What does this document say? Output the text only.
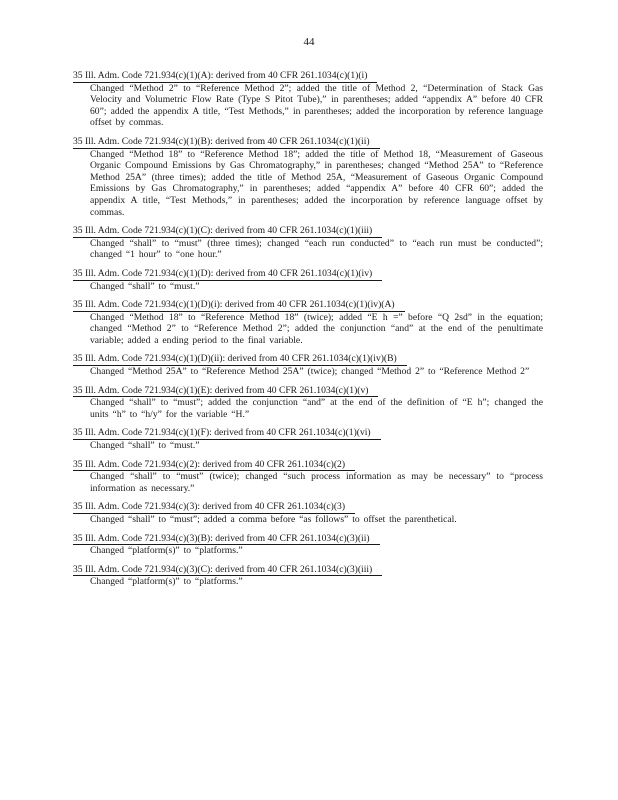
44
35 Ill. Adm. Code 721.934(c)(1)(A): derived from 40 CFR 261.1034(c)(1)(i)
Changed “Method 2” to “Reference Method 2”; added the title of Method 2, “Determination of Stack Gas Velocity and Volumetric Flow Rate (Type S Pitot Tube),” in parentheses; added “appendix A” before 40 CFR 60”; added the appendix A title, “Test Methods,” in parentheses; added the incorporation by reference language offset by commas.
35 Ill. Adm. Code 721.934(c)(1)(B): derived from 40 CFR 261.1034(c)(1)(ii)
Changed “Method 18” to “Reference Method 18”; added the title of Method 18, “Measurement of Gaseous Organic Compound Emissions by Gas Chromatography,” in parentheses; changed “Method 25A” to “Reference Method 25A” (three times); added the title of Method 25A, “Measurement of Gaseous Organic Compound Emissions by Gas Chromatography,” in parentheses; added “appendix A” before 40 CFR 60”; added the appendix A title, “Test Methods,” in parentheses; added the incorporation by reference language offset by commas.
35 Ill. Adm. Code 721.934(c)(1)(C): derived from 40 CFR 261.1034(c)(1)(iii)
Changed “shall” to “must” (three times); changed “each run conducted” to “each run must be conducted”; changed “1 hour” to “one hour.”
35 Ill. Adm. Code 721.934(c)(1)(D): derived from 40 CFR 261.1034(c)(1)(iv)
Changed “shall” to “must.”
35 Ill. Adm. Code 721.934(c)(1)(D)(i): derived from 40 CFR 261.1034(c)(1)(iv)(A)
Changed “Method 18” to “Reference Method 18” (twice); added “E h =” before “Q 2sd” in the equation; changed “Method 2” to “Reference Method 2”; added the conjunction “and” at the end of the penultimate variable; added a ending period to the final variable.
35 Ill. Adm. Code 721.934(c)(1)(D)(ii): derived from 40 CFR 261.1034(c)(1)(iv)(B)
Changed “Method 25A” to “Reference Method 25A” (twice); changed “Method 2” to “Reference Method 2”
35 Ill. Adm. Code 721.934(c)(1)(E): derived from 40 CFR 261.1034(c)(1)(v)
Changed “shall” to “must”; added the conjunction “and” at the end of the definition of “E h”; changed the units “h” to “h/y” for the variable “H.”
35 Ill. Adm. Code 721.934(c)(1)(F): derived from 40 CFR 261.1034(c)(1)(vi)
Changed “shall” to “must.”
35 Ill. Adm. Code 721.934(c)(2): derived from 40 CFR 261.1034(c)(2)
Changed “shall” to “must” (twice); changed “such process information as may be necessary” to “process information as necessary.”
35 Ill. Adm. Code 721.934(c)(3): derived from 40 CFR 261.1034(c)(3)
Changed “shall” to “must”; added a comma before “as follows” to offset the parenthetical.
35 Ill. Adm. Code 721.934(c)(3)(B): derived from 40 CFR 261.1034(c)(3)(ii)
Changed “platform(s)” to “platforms.”
35 Ill. Adm. Code 721.934(c)(3)(C): derived from 40 CFR 261.1034(c)(3)(iii)
Changed “platform(s)” to “platforms.”
